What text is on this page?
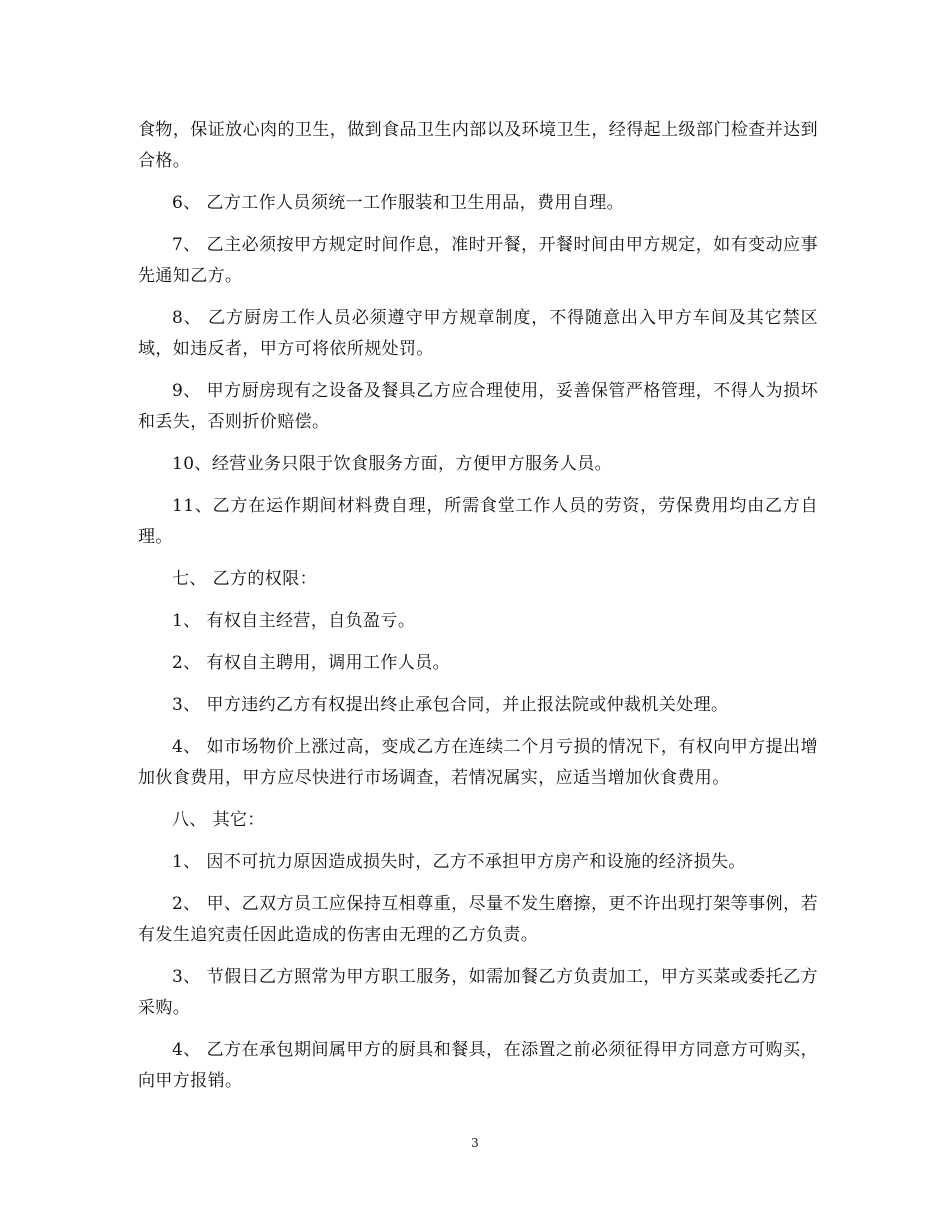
食物，保证放心肉的卫生，做到食品卫生内部以及环境卫生，经得起上级部门检查并达到合格。

6、 乙方工作人员须统一工作服装和卫生用品，费用自理。

7、 乙主必须按甲方规定时间作息，准时开餐，开餐时间由甲方规定，如有变动应事先通知乙方。

8、 乙方厨房工作人员必须遵守甲方规章制度，不得随意出入甲方车间及其它禁区域，如违反者，甲方可将依所规处罚。

9、 甲方厨房现有之设备及餐具乙方应合理使用，妥善保管严格管理，不得人为损坏和丢失，否则折价赔偿。

10、经营业务只限于饮食服务方面，方便甲方服务人员。

11、乙方在运作期间材料费自理，所需食堂工作人员的劳资，劳保费用均由乙方自理。

七、 乙方的权限：

1、 有权自主经营，自负盈亏。

2、 有权自主聘用，调用工作人员。

3、 甲方违约乙方有权提出终止承包合同，并止报法院或仲裁机关处理。

4、 如市场物价上涨过高，变成乙方在连续二个月亏损的情况下，有权向甲方提出增加伙食费用，甲方应尽快进行市场调查，若情况属实，应适当增加伙食费用。

八、 其它：

1、 因不可抗力原因造成损失时，乙方不承担甲方房产和设施的经济损失。

2、 甲、乙双方员工应保持互相尊重，尽量不发生磨擦，更不许出现打架等事例，若有发生追究责任因此造成的伤害由无理的乙方负责。

3、 节假日乙方照常为甲方职工服务，如需加餐乙方负责加工，甲方买菜或委托乙方采购。

4、 乙方在承包期间属甲方的厨具和餐具，在添置之前必须征得甲方同意方可购买，向甲方报销。

3
